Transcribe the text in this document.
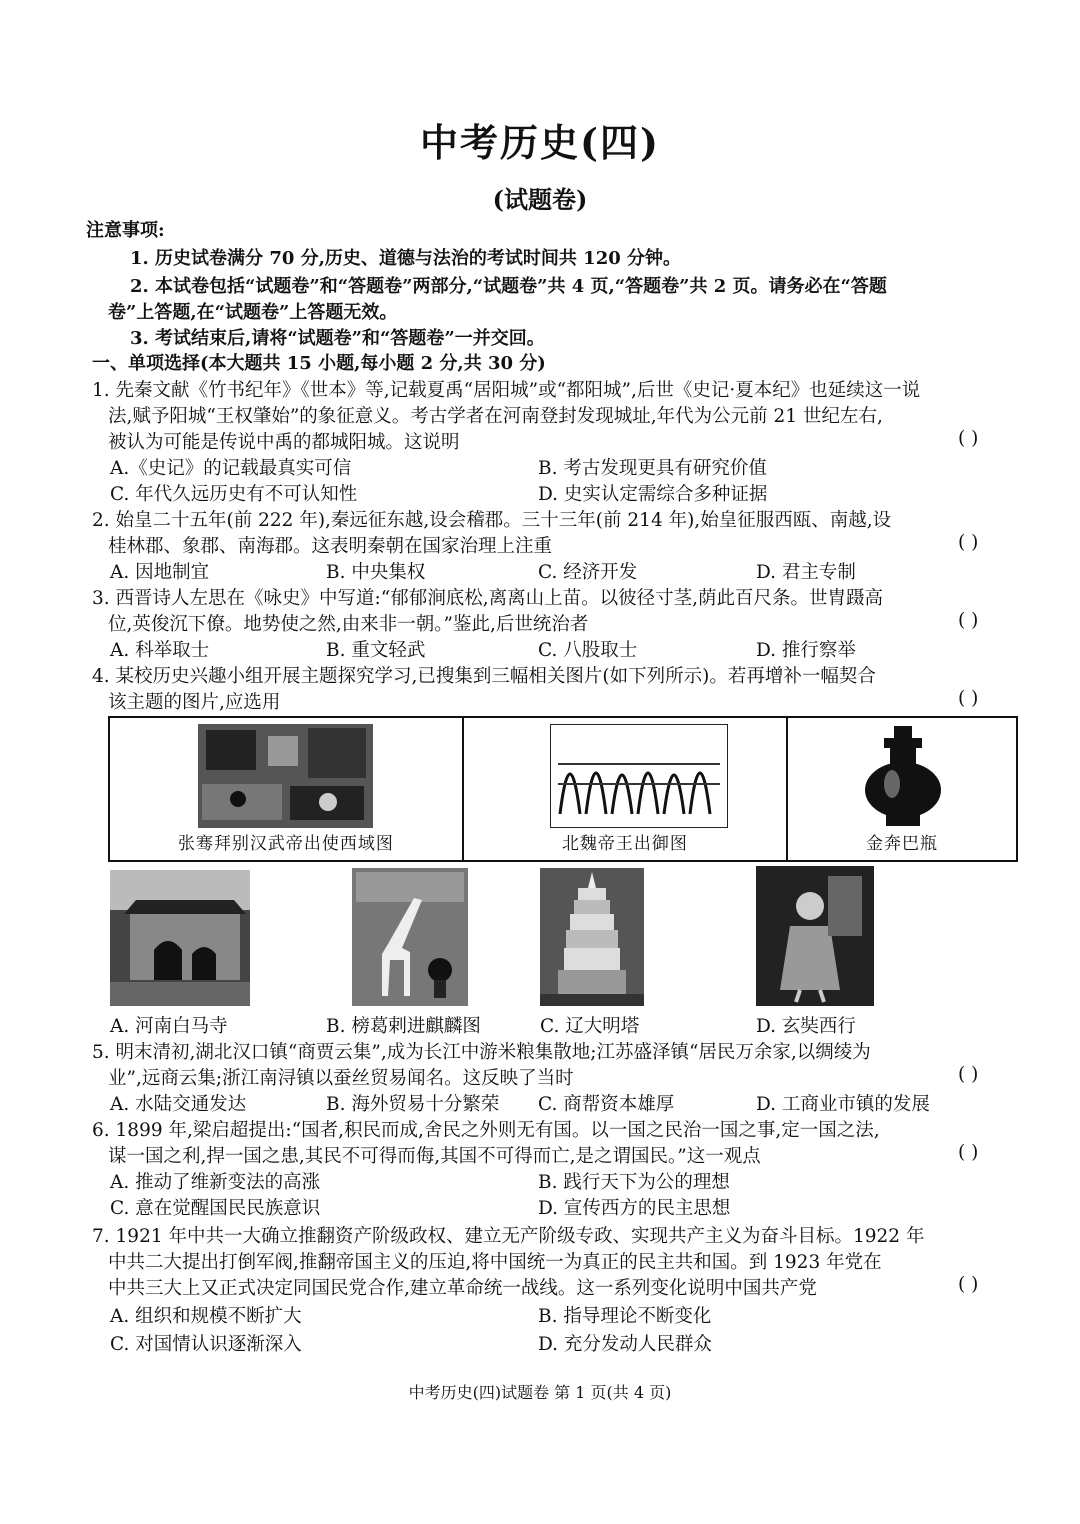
中考历史(四)
(试题卷)
注意事项:
1. 历史试卷满分 70 分,历史、道德与法治的考试时间共 120 分钟。
2. 本试卷包括“试题卷”和“答题卷”两部分,“试题卷”共 4 页,“答题卷”共 2 页。请务必在“答题
卷”上答题,在“试题卷”上答题无效。
3. 考试结束后,请将“试题卷”和“答题卷”一并交回。
一、单项选择(本大题共 15 小题,每小题 2 分,共 30 分)
1. 先秦文献《竹书纪年》《世本》等,记载夏禹“居阳城”或“都阳城”,后世《史记·夏本纪》也延续这一说
法,赋予阳城“王权肇始”的象征意义。考古学者在河南登封发现城址,年代为公元前 21 世纪左右,
被认为可能是传说中禹的都城阳城。这说明	( )
A.《史记》的记载最真实可信	B. 考古发现更具有研究价值
C. 年代久远历史有不可认知性	D. 史实认定需综合多种证据
2. 始皇二十五年(前 222 年),秦远征东越,设会稽郡。三十三年(前 214 年),始皇征服西瓯、南越,设
桂林郡、象郡、南海郡。这表明秦朝在国家治理上注重	( )
A. 因地制宜	B. 中央集权	C. 经济开发	D. 君主专制
3. 西晋诗人左思在《咏史》中写道:“郁郁涧底松,离离山上苗。以彼径寸茎,荫此百尺条。世胄蹑高
位,英俊沉下僚。地势使之然,由来非一朝。”鉴此,后世统治者	( )
A. 科举取士	B. 重文轻武	C. 八股取士	D. 推行察举
4. 某校历史兴趣小组开展主题探究学习,已搜集到三幅相关图片(如下列所示)。若再增补一幅契合
该主题的图片,应选用	( )
张骞拜别汉武帝出使西域图	北魏帝王出御图	金奔巴瓶
A. 河南白马寺	B. 榜葛剌进麒麟图	C. 辽大明塔	D. 玄奘西行
5. 明末清初,湖北汉口镇“商贾云集”,成为长江中游米粮集散地;江苏盛泽镇“居民万余家,以绸绫为
业”,远商云集;浙江南浔镇以蚕丝贸易闻名。这反映了当时	( )
A. 水陆交通发达	B. 海外贸易十分繁荣 C. 商帮资本雄厚	D. 工商业市镇的发展
6. 1899 年,梁启超提出:“国者,积民而成,舍民之外则无有国。以一国之民治一国之事,定一国之法,
谋一国之利,捍一国之患,其民不可得而侮,其国不可得而亡,是之谓国民。”这一观点	( )
A. 推动了维新变法的高涨	B. 践行天下为公的理想
C. 意在觉醒国民民族意识	D. 宣传西方的民主思想
7. 1921 年中共一大确立推翻资产阶级政权、建立无产阶级专政、实现共产主义为奋斗目标。1922 年
中共二大提出打倒军阀,推翻帝国主义的压迫,将中国统一为真正的民主共和国。到 1923 年党在
中共三大上又正式决定同国民党合作,建立革命统一战线。这一系列变化说明中国共产党	( )
A. 组织和规模不断扩大	B. 指导理论不断变化
C. 对国情认识逐渐深入	D. 充分发动人民群众
中考历史(四)试题卷 第 1 页(共 4 页)
